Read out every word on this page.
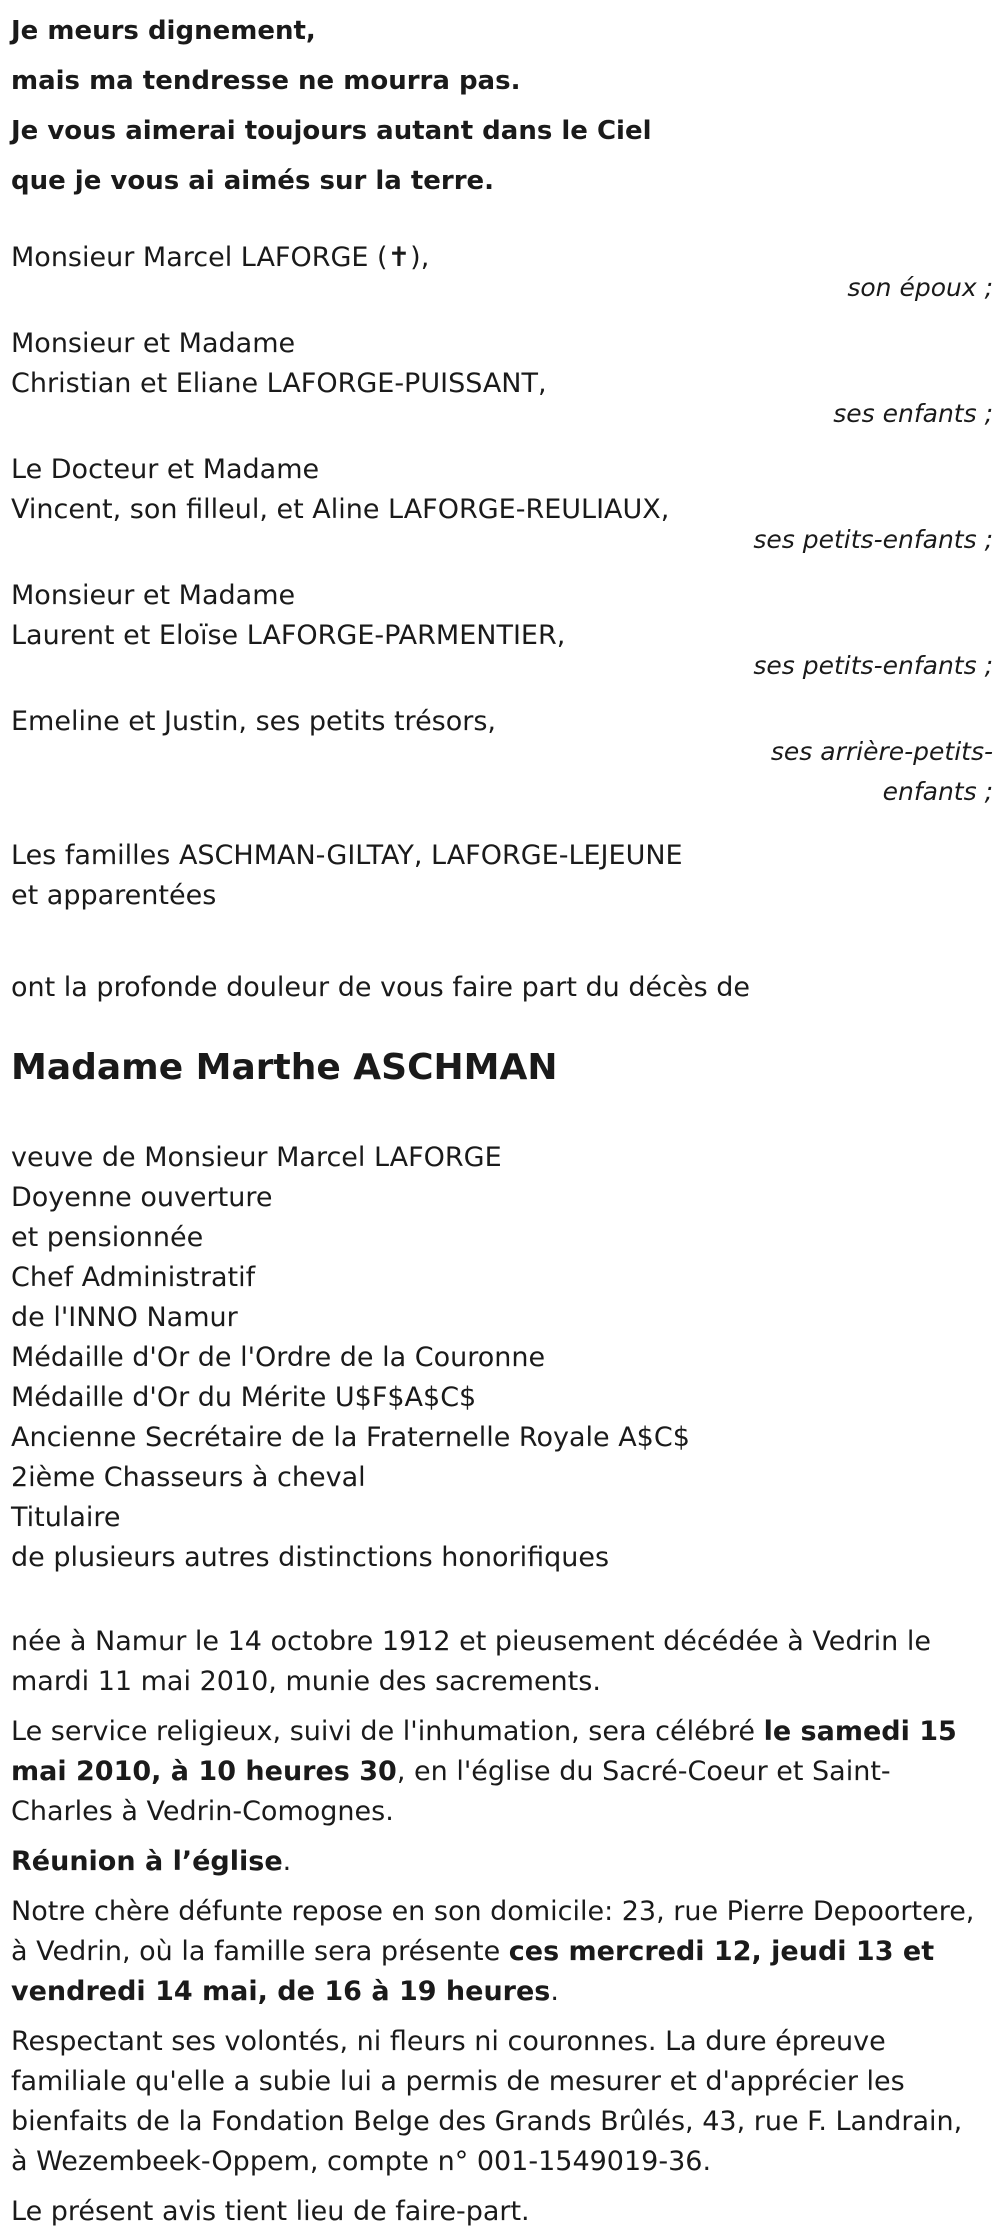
Je meurs dignement,

mais ma tendresse ne mourra pas.

Je vous aimerai toujours autant dans le Ciel

que je vous ai aimés sur la terre.

Monsieur Marcel LAFORGE (✝),
son époux ;
Monsieur et Madame
Christian et Eliane LAFORGE-PUISSANT,
ses enfants ;
Le Docteur et Madame
Vincent, son filleul, et Aline LAFORGE-REULIAUX,
ses petits-enfants ;
Monsieur et Madame
Laurent et Eloïse LAFORGE-PARMENTIER,
ses petits-enfants ;
Emeline et Justin, ses petits trésors,
ses arrière-petits-enfants ;
Les familles ASCHMAN-GILTAY, LAFORGE-LEJEUNE
et apparentées
ont la profonde douleur de vous faire part du décès de
Madame Marthe ASCHMAN
veuve de Monsieur Marcel LAFORGE
Doyenne ouverture
et pensionnée
Chef Administratif
de l'INNO Namur
Médaille d'Or de l'Ordre de la Couronne
Médaille d'Or du Mérite U$F$A$C$
Ancienne Secrétaire de la Fraternelle Royale A$C$
2ième Chasseurs à cheval
Titulaire
de plusieurs autres distinctions honorifiques

née à Namur le 14 octobre 1912 et pieusement décédée à Vedrin le mardi 11 mai 2010, munie des sacrements.

Le service religieux, suivi de l'inhumation, sera célébré le samedi 15 mai 2010, à 10 heures 30, en l'église du Sacré-Coeur et Saint-Charles à Vedrin-Comognes.

Réunion à l’église.

Notre chère défunte repose en son domicile: 23, rue Pierre Depoortere, à Vedrin, où la famille sera présente ces mercredi 12, jeudi 13 et vendredi 14 mai, de 16 à 19 heures.

Respectant ses volontés, ni fleurs ni couronnes. La dure épreuve familiale qu'elle a subie lui a permis de mesurer et d'apprécier les bienfaits de la Fondation Belge des Grands Brûlés, 43, rue F. Landrain, à Wezembeek-Oppem, compte n° 001-1549019-36.

Le présent avis tient lieu de faire-part.
